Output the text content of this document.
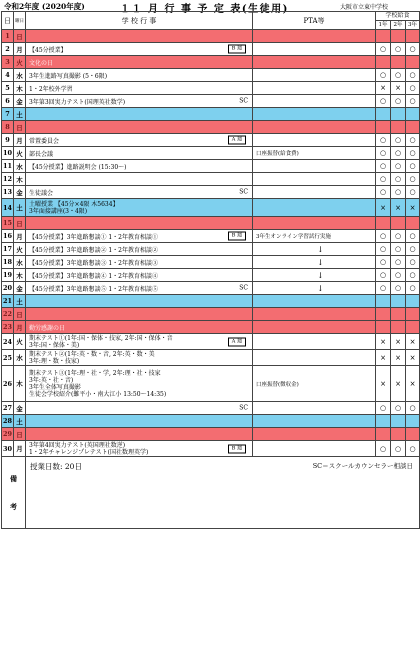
令和2年度 (2020年度)	１１ 月 行 事 予 定 表(生徒用)	大阪市立東中学校
日	曜日	学 校 行 事	PTA等	学校給食		
				1年	2年	3年
1	日					
2	月	【45分授業】 B 週		○	○	○
3	火	文化の日				
4	水	3年生進路写真撮影 (5・6限)		○	○	○
5	木	1・2年校外学習		×	×	○
6	金	3年第3回実力テスト(国理英社数学) SC		○	○	○
7	土					
8	日					
9	月	常置委員会 A 週		○	○	○
10	火	部長会議	口座振替(給食費)	○	○	○
11	水	【45分授業】進路説明会 (15:30～)		○	○	○
12	木			○	○	○
13	金	生徒議会 SC		○	○	○
14	土	土曜授業 【45分×4限 木5634】
3年面接講座(3・4限)		×	×	×
15	日					
16	月	【45分授業】3年進路懇談① 1・2年教育相談① B 週	3年生オンライン学習試行実施	○	○	○
17	火	【45分授業】3年進路懇談② 1・2年教育相談②	↓	○	○	○
18	水	【45分授業】3年進路懇談③ 1・2年教育相談③	↓	○	○	○
19	木	【45分授業】3年進路懇談④ 1・2年教育相談④	↓	○	○	○
20	金	【45分授業】3年進路懇談⑤ 1・2年教育相談⑤ SC	↓	○	○	○
21	土					
22	日					
23	月	勤労感謝の日				
24	火	期末テスト①(1年:国・保体・技家, 2年:国・保体・音
3年:国・保体・美)
A 週		×	×	×
25	水	期末テスト②(1年:英・数・音, 2年:英・数・美
3年:理・数・技家)		×	×	×
26	木	期末テスト③(1年:理・社・学, 2年:理・社・技家
3年:英・社・音)
3年生全体写真撮影
生徒会学校紹介(難平小・南大江小 13:50～14:35)	口座振替(徴収金)	×	×	×
27	金	SC		○	○	○
28	土					
29	日					
30	月	3年第4回実力テスト(英国理社数逆)
1・2年チャレンジプレテスト(国社数理英学)
B 週		○	○	○
備

考		授業日数: 20日 SC＝スクールカウンセラー相談日				
